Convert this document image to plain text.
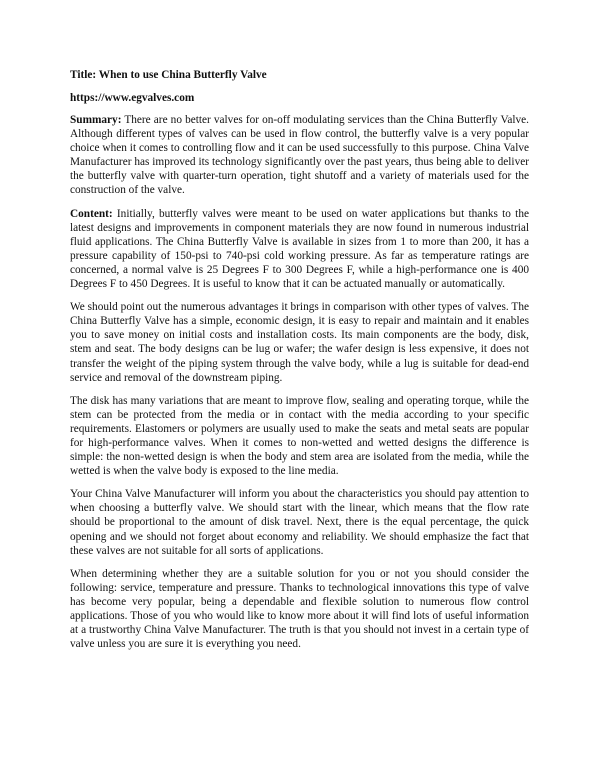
Title: When to use China Butterfly Valve
https://www.egvalves.com

Summary: There are no better valves for on-off modulating services than the China Butterfly Valve. Although different types of valves can be used in flow control, the butterfly valve is a very popular choice when it comes to controlling flow and it can be used successfully to this purpose. China Valve Manufacturer has improved its technology significantly over the past years, thus being able to deliver the butterfly valve with quarter-turn operation, tight shutoff and a variety of materials used for the construction of the valve.

Content: Initially, butterfly valves were meant to be used on water applications but thanks to the latest designs and improvements in component materials they are now found in numerous industrial fluid applications. The China Butterfly Valve is available in sizes from 1 to more than 200, it has a pressure capability of 150-psi to 740-psi cold working pressure. As far as temperature ratings are concerned, a normal valve is 25 Degrees F to 300 Degrees F, while a high-performance one is 400 Degrees F to 450 Degrees. It is useful to know that it can be actuated manually or automatically.

We should point out the numerous advantages it brings in comparison with other types of valves. The China Butterfly Valve has a simple, economic design, it is easy to repair and maintain and it enables you to save money on initial costs and installation costs. Its main components are the body, disk, stem and seat. The body designs can be lug or wafer; the wafer design is less expensive, it does not transfer the weight of the piping system through the valve body, while a lug is suitable for dead-end service and removal of the downstream piping.

The disk has many variations that are meant to improve flow, sealing and operating torque, while the stem can be protected from the media or in contact with the media according to your specific requirements. Elastomers or polymers are usually used to make the seats and metal seats are popular for high-performance valves. When it comes to non-wetted and wetted designs the difference is simple: the non-wetted design is when the body and stem area are isolated from the media, while the wetted is when the valve body is exposed to the line media.

Your China Valve Manufacturer will inform you about the characteristics you should pay attention to when choosing a butterfly valve. We should start with the linear, which means that the flow rate should be proportional to the amount of disk travel. Next, there is the equal percentage, the quick opening and we should not forget about economy and reliability. We should emphasize the fact that these valves are not suitable for all sorts of applications.

When determining whether they are a suitable solution for you or not you should consider the following: service, temperature and pressure. Thanks to technological innovations this type of valve has become very popular, being a dependable and flexible solution to numerous flow control applications. Those of you who would like to know more about it will find lots of useful information at a trustworthy China Valve Manufacturer. The truth is that you should not invest in a certain type of valve unless you are sure it is everything you need.
